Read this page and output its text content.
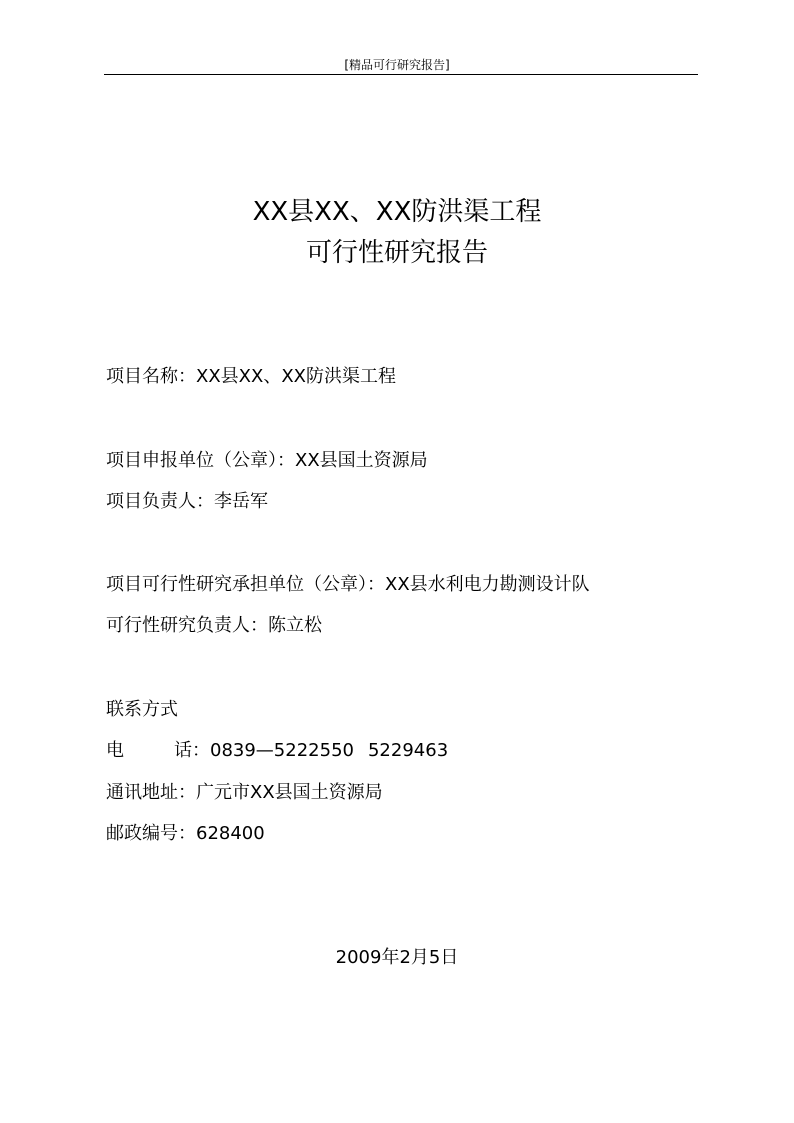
[精品可行研究报告]
XX县XX、XX防洪渠工程
可行性研究报告
项目名称：XX县XX、XX防洪渠工程
项目申报单位（公章）：XX县国土资源局
项目负责人：李岳军
项目可行性研究承担单位（公章）：XX县水利电力勘测设计队
可行性研究负责人：陈立松
联系方式
电	话：0839—5222550 5229463
通讯地址：广元市XX县国土资源局
邮政编号：628400
2009年2月5日
